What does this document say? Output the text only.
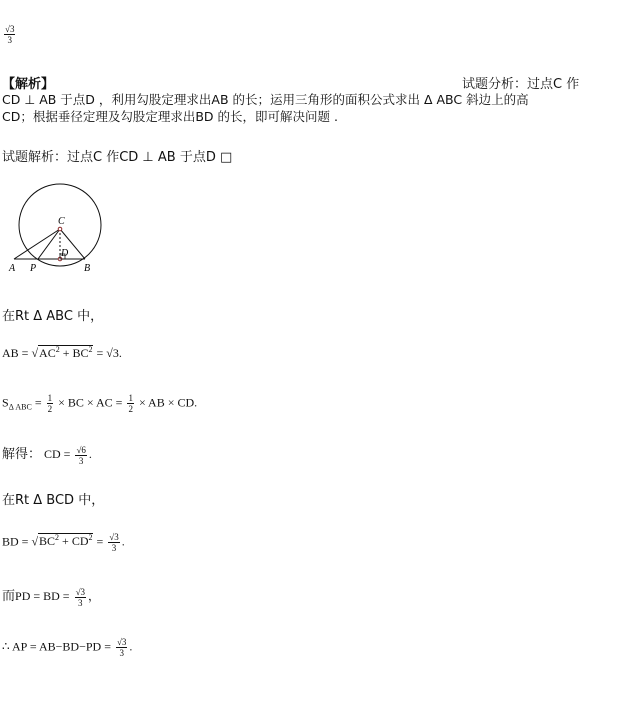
$\frac{√3}{3}$
【解析】	试题分析：过点C 作
CD ⊥ AB 于点D ，利用勾股定理求出AB 的长；运用三角形的面积公式求出 Δ ABC 斜边上的高
CD；根据垂径定理及勾股定理求出BD 的长，即可解决问题 .
试题解析：过点C 作CD ⊥ AB 于点D □
C
D
A P	B
在Rt Δ ABC 中，
AB = $√AC^2 + BC^2 = √3$.
$S_{\Delta ABC} = \frac{1}{2}$ × BC × AC = $\frac{1}{2}$ × AB × CD.
解得： CD = $\frac{√6}{3}$ .
在Rt Δ BCD 中，
BD = $√BC^2 + CD^2 = \frac{√3}{3}$ .
而PD = BD = $\frac{√3}{3}$ ，
∴ AP = $AB-BD-PD = \frac{√3}{3}$ .
